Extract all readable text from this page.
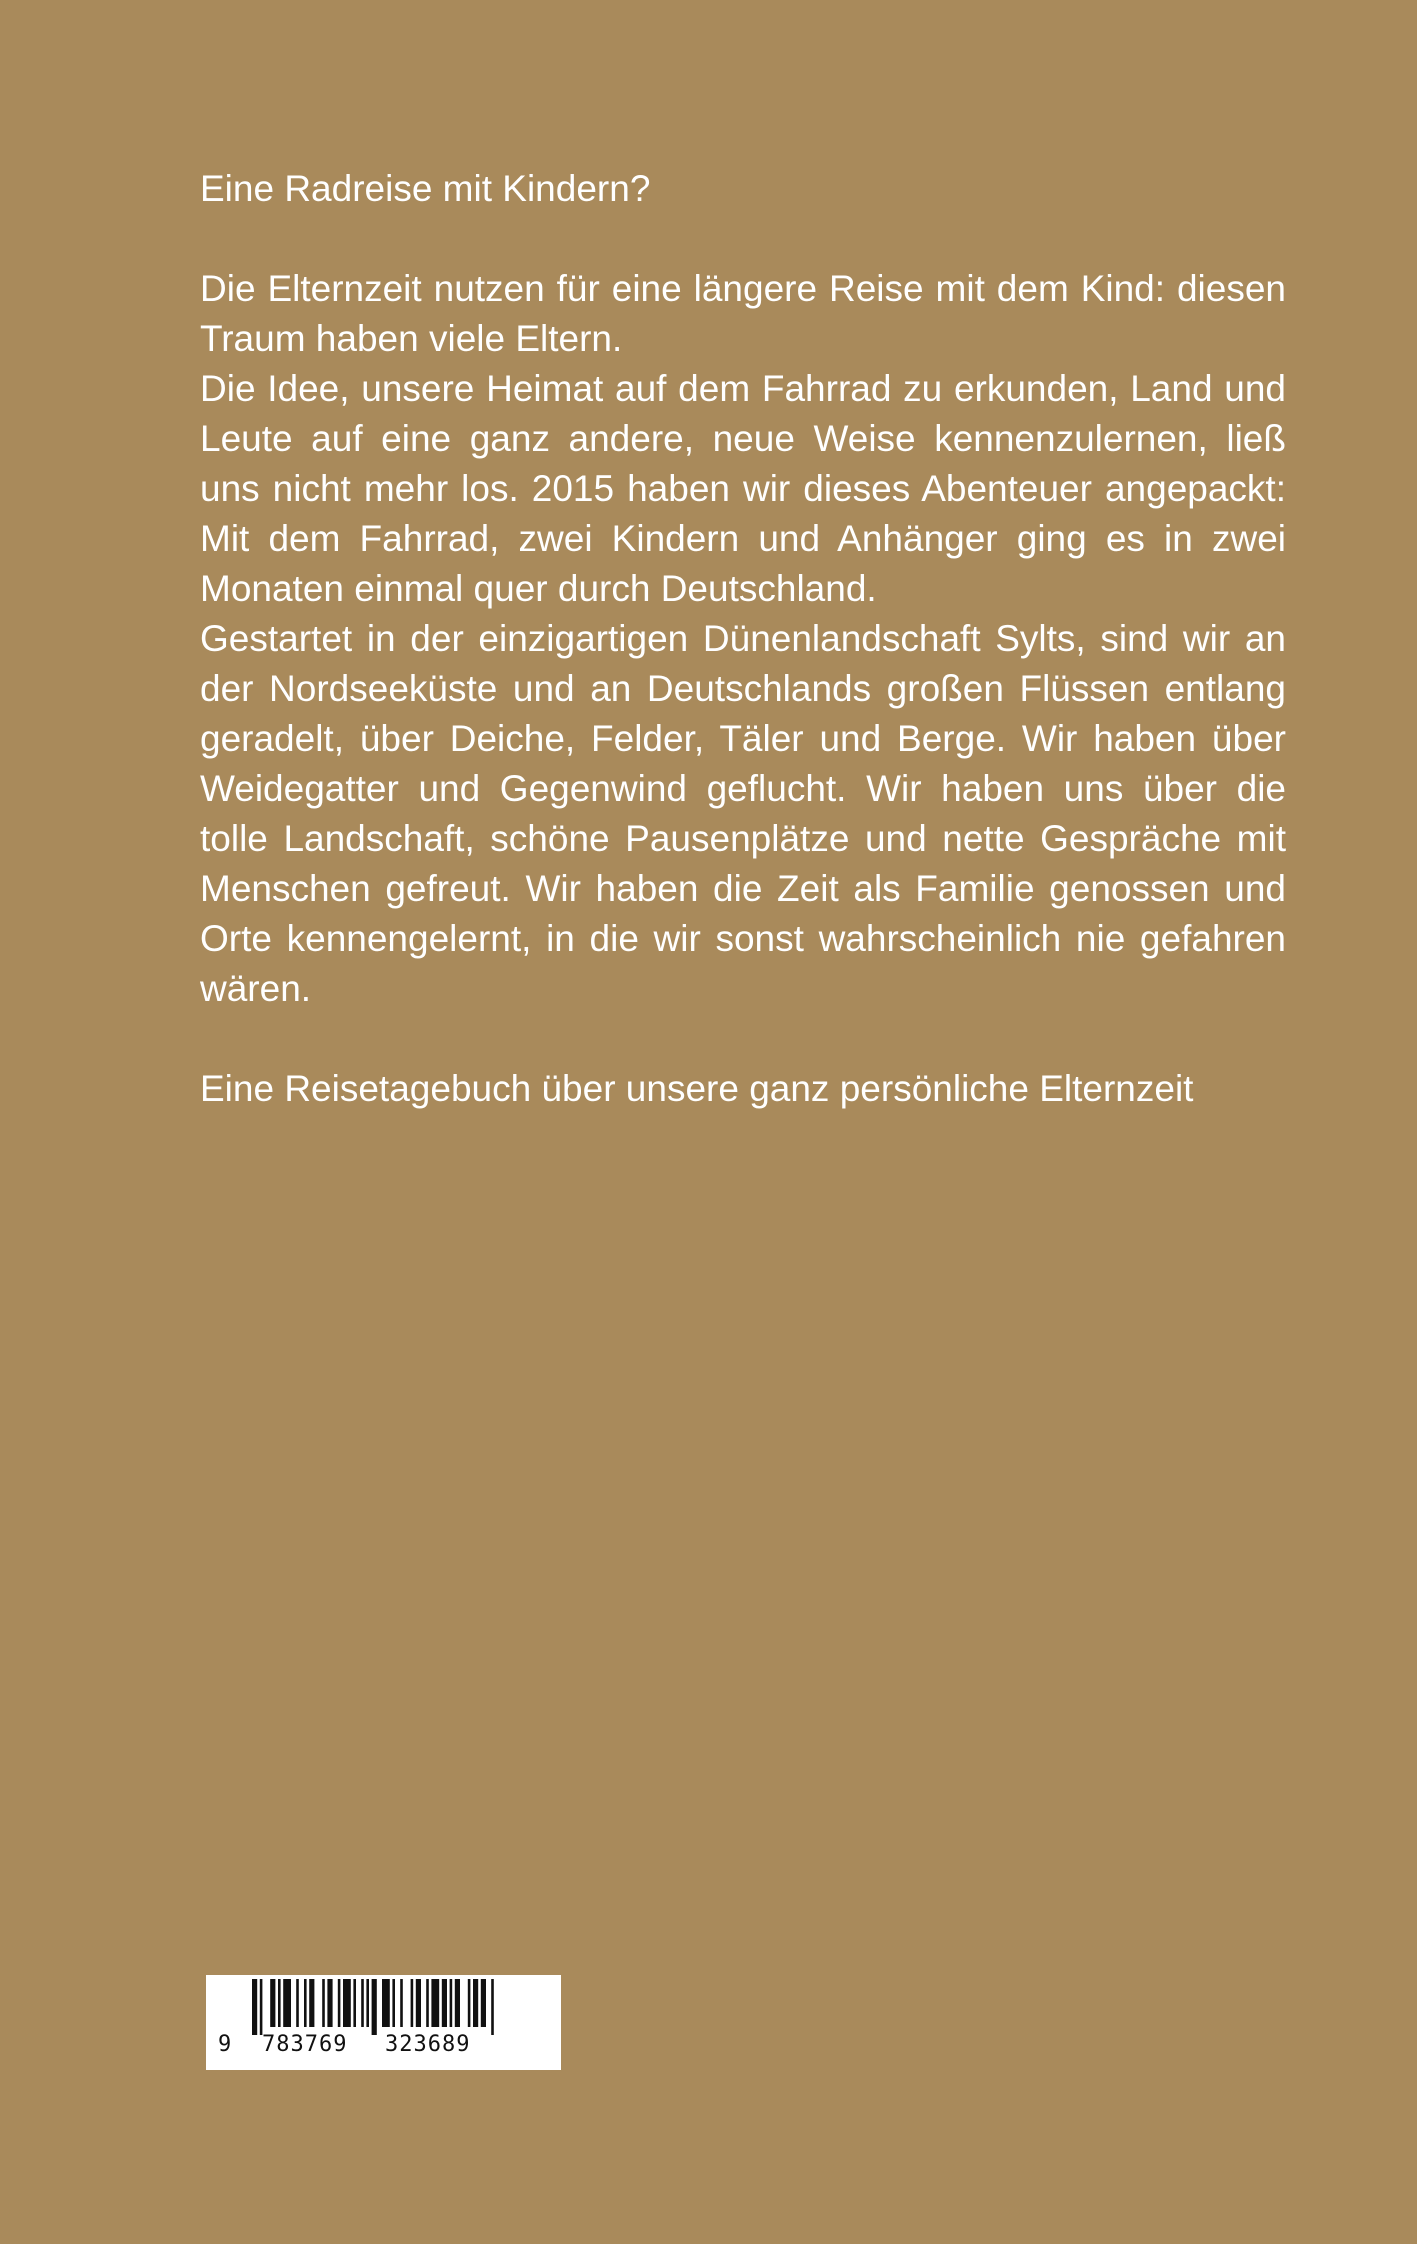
Eine Radreise mit Kindern?

Die Elternzeit nutzen für eine längere Reise mit dem Kind: diesen Traum haben viele Eltern.

Die Idee, unsere Heimat auf dem Fahrrad zu erkunden, Land und Leute auf eine ganz andere, neue Weise kennenzulernen, ließ uns nicht mehr los. 2015 haben wir dieses Abenteuer angepackt: Mit dem Fahrrad, zwei Kindern und Anhänger ging es in zwei Monaten einmal quer durch Deutschland.

Gestartet in der einzigartigen Dünenlandschaft Sylts, sind wir an der Nordseeküste und an Deutschlands großen Flüssen entlang geradelt, über Deiche, Felder, Täler und Berge. Wir haben über Weidegatter und Gegenwind geflucht. Wir haben uns über die tolle Landschaft, schöne Pausenplätze und nette Gespräche mit Menschen gefreut. Wir haben die Zeit als Familie genossen und Orte kennengelernt, in die wir sonst wahrscheinlich nie gefahren wären.

Eine Reisetagebuch über unsere ganz persönliche Elternzeit

9 783769 323689
